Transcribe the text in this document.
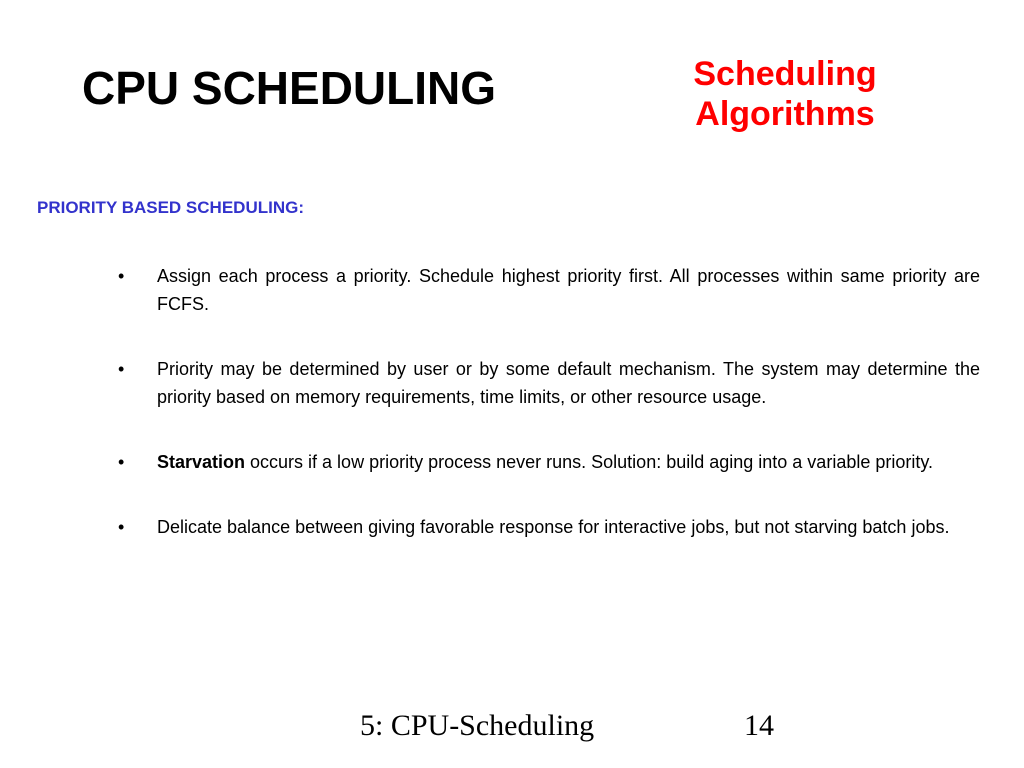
CPU SCHEDULING	Scheduling Algorithms
PRIORITY BASED SCHEDULING:
•	Assign each process a priority. Schedule highest priority first. All processes within same priority are FCFS.
•	Priority may be determined by user or by some default mechanism. The system may determine the priority based on memory requirements, time limits, or other resource usage.
•	Starvation occurs if a low priority process never runs. Solution: build aging into a variable priority.
•	Delicate balance between giving favorable response for interactive jobs, but not starving batch jobs.
5: CPU-Scheduling	14
